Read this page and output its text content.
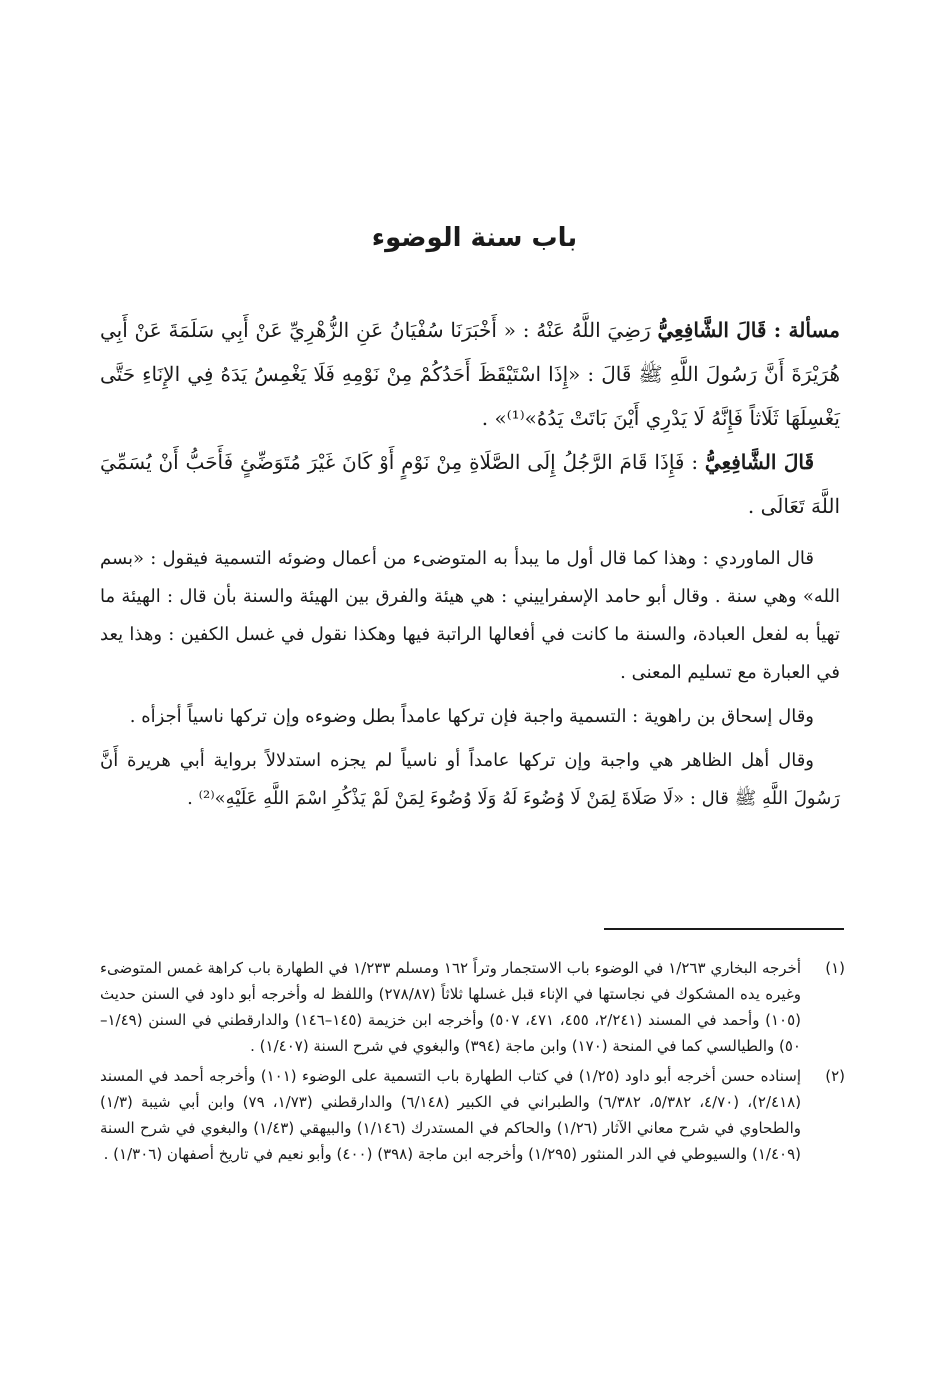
باب سنة الوضوء

مسألة : قَالَ الشَّافِعِيُّ رَضِيَ اللَّهُ عَنْهُ : « أَخْبَرَنَا سُفْيَانُ عَنِ الزُّهْرِيِّ عَنْ أَبِي سَلَمَةَ عَنْ أَبِي هُرَيْرَةَ أَنَّ رَسُولَ اللَّهِ ﷺ قَالَ : «إِذَا اسْتَيْقَظَ أَحَدُكُمْ مِنْ نَوْمِهِ فَلَا يَغْمِسُ يَدَهُ فِي الإِنَاءِ حَتَّى يَغْسِلَهَا ثَلَاثاً فَإِنَّهُ لَا يَدْرِي أَيْنَ بَاتَتْ يَدُهُ»⁽¹⁾» .

قَالَ الشَّافِعِيُّ : فَإِذَا قَامَ الرَّجُلُ إِلَى الصَّلَاةِ مِنْ نَوْمٍ أَوْ كَانَ غَيْرَ مُتَوَضِّئٍ فَأَحَبُّ أَنْ يُسَمِّيَ اللَّهَ تَعَالَى .

قال الماوردي : وهذا كما قال أول ما يبدأ به المتوضىء من أعمال وضوئه التسمية فيقول : «بسم الله» وهي سنة . وقال أبو حامد الإسفراييني : هي هيئة والفرق بين الهيئة والسنة بأن قال : الهيئة ما تهيأ به لفعل العبادة، والسنة ما كانت في أفعالها الراتبة فيها وهكذا نقول في غسل الكفين : وهذا يعد في العبارة مع تسليم المعنى .

وقال إسحاق بن راهوية : التسمية واجبة فإن تركها عامداً بطل وضوءه وإن تركها ناسياً أجزأه .

وقال أهل الظاهر هي واجبة وإن تركها عامداً أو ناسياً لم يجزه استدلالاً برواية أبي هريرة أَنَّ رَسُولَ اللَّهِ ﷺ قال : «لَا صَلَاةَ لِمَنْ لَا وُضُوءَ لَهُ وَلَا وُضُوءَ لِمَنْ لَمْ يَذْكُرِ اسْمَ اللَّهِ عَلَيْهِ»⁽²⁾ .

(١)
أخرجه البخاري ١/٢٦٣ في الوضوء باب الاستجمار وتراً ١٦٢ ومسلم ١/٢٣٣ في الطهارة باب كراهة غمس المتوضىء وغيره يده المشكوك في نجاستها في الإناء قبل غسلها ثلاثاً (٢٧٨/٨٧) واللفظ له وأخرجه أبو داود في السنن حديث (١٠٥) وأحمد في المسند (٢/٢٤١، ٤٥٥، ٤٧١، ٥٠٧) وأخرجه ابن خزيمة (١٤٥–١٤٦) والدارقطني في السنن (١/٤٩–٥٠) والطيالسي كما في المنحة (١٧٠) وابن ماجة (٣٩٤) والبغوي في شرح السنة (١/٤٠٧) .
(٢)
إسناده حسن أخرجه أبو داود (١/٢٥) في كتاب الطهارة باب التسمية على الوضوء (١٠١) وأخرجه أحمد في المسند (٢/٤١٨)، (٤/٧٠، ٥/٣٨٢، ٦/٣٨٢) والطبراني في الكبير (٦/١٤٨) والدارقطني (١/٧٣، ٧٩) وابن أبي شيبة (١/٣) والطحاوي في شرح معاني الآثار (١/٢٦) والحاكم في المستدرك (١/١٤٦) والبيهقي (١/٤٣) والبغوي في شرح السنة (١/٤٠٩) والسيوطي في الدر المنثور (١/٢٩٥) وأخرجه ابن ماجة (٣٩٨) (٤٠٠) وأبو نعيم في تاريخ أصفهان (١/٣٠٦) .
